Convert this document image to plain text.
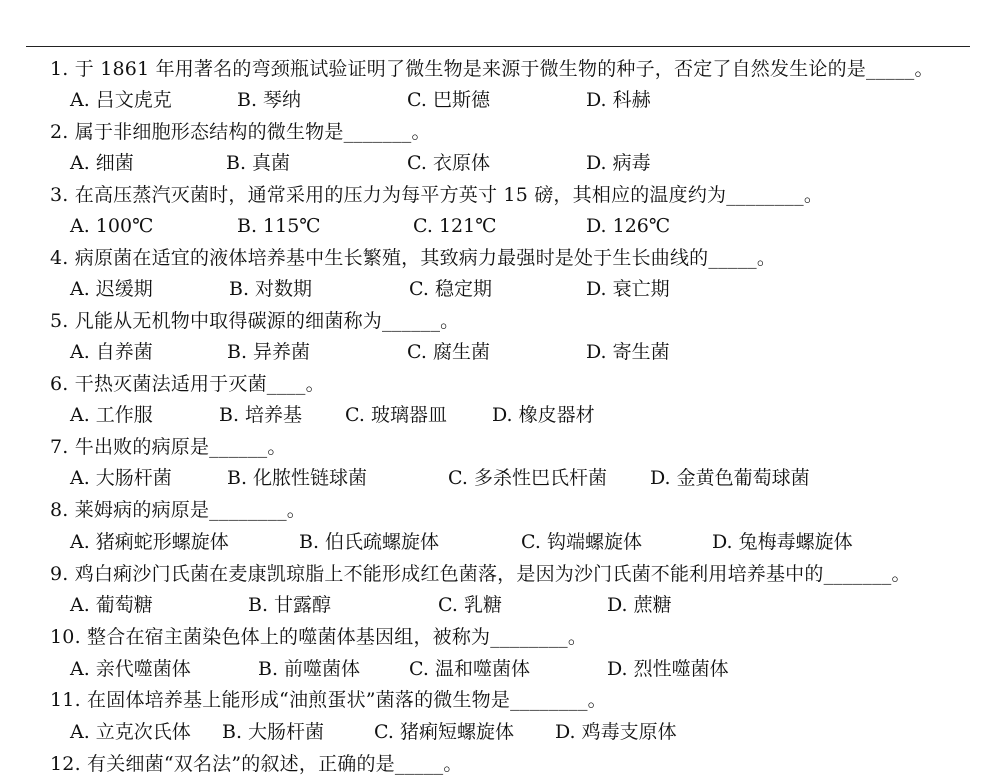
1. 于 1861 年用著名的弯颈瓶试验证明了微生物是来源于微生物的种子，否定了自然发生论的是_____。
A. 吕文虎克	B. 琴纳	C. 巴斯德	D. 科赫
2. 属于非细胞形态结构的微生物是_______。
A. 细菌	B. 真菌	C. 衣原体	D. 病毒
3. 在高压蒸汽灭菌时，通常采用的压力为每平方英寸 15 磅，其相应的温度约为________。
A. 100℃	B. 115℃	C. 121℃	D. 126℃
4. 病原菌在适宜的液体培养基中生长繁殖，其致病力最强时是处于生长曲线的_____。
A. 迟缓期	B. 对数期	C. 稳定期	D. 衰亡期
5. 凡能从无机物中取得碳源的细菌称为______。
A. 自养菌	B. 异养菌	C. 腐生菌	D. 寄生菌
6. 干热灭菌法适用于灭菌____。
A. 工作服	B. 培养基 C. 玻璃器皿 D. 橡皮器材
7. 牛出败的病原是______。
A. 大肠杆菌	B. 化脓性链球菌	C. 多杀性巴氏杆菌 D. 金黄色葡萄球菌
8. 莱姆病的病原是________。
A. 猪痢蛇形螺旋体	B. 伯氏疏螺旋体	C. 钩端螺旋体	D. 兔梅毒螺旋体
9. 鸡白痢沙门氏菌在麦康凯琼脂上不能形成红色菌落，是因为沙门氏菌不能利用培养基中的_______。
A. 葡萄糖	B. 甘露醇	C. 乳糖	D. 蔗糖
10. 整合在宿主菌染色体上的噬菌体基因组，被称为________。
A. 亲代噬菌体	B. 前噬菌体	C. 温和噬菌体	D. 烈性噬菌体
11. 在固体培养基上能形成“油煎蛋状”菌落的微生物是________。
A. 立克次氏体 B. 大肠杆菌	C. 猪痢短螺旋体 D. 鸡毒支原体
12. 有关细菌“双名法”的叙述，正确的是_____。
